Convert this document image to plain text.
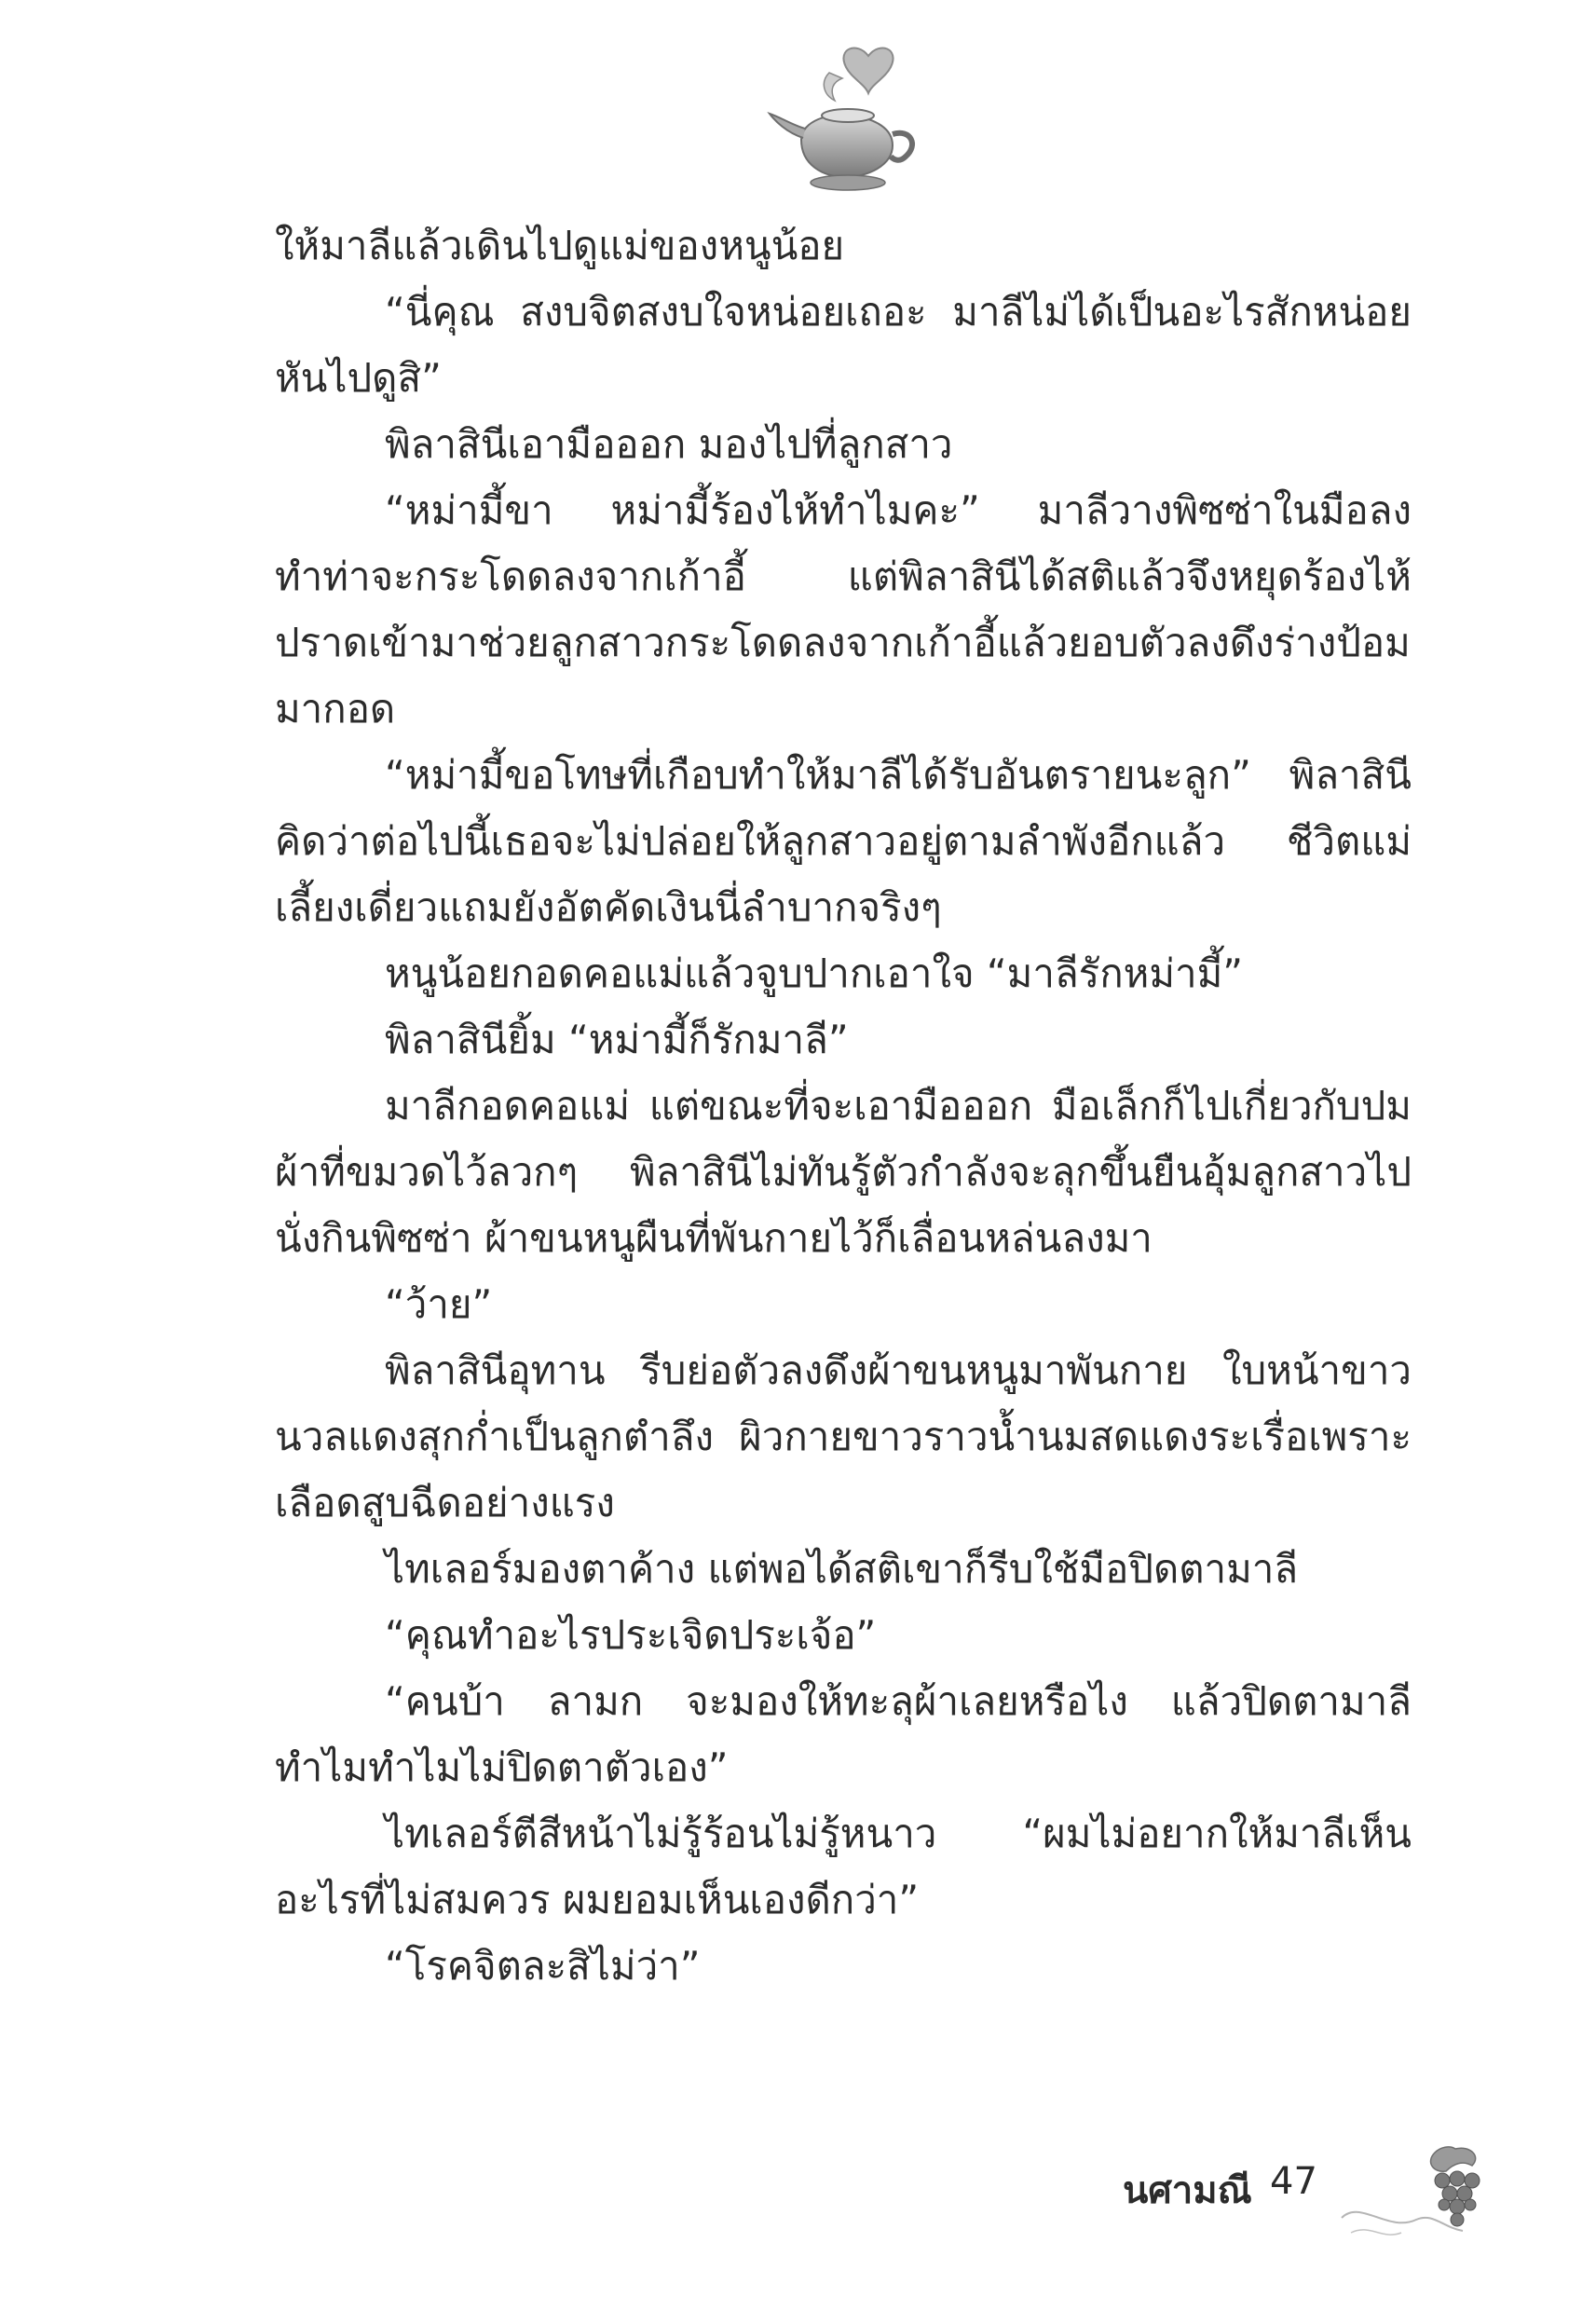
ให้มาลีแล้วเดินไปดูแม่ของหนูน้อย

“นี่คุณ สงบจิตสงบใจหน่อยเถอะ มาลีไม่ได้เป็นอะไรสักหน่อย หันไปดูสิ”

พิลาสินีเอามือออก มองไปที่ลูกสาว

“หม่ามี้ขา หม่ามี้ร้องไห้ทำไมคะ” มาลีวางพิซซ่าในมือลง ทำท่าจะกระโดดลงจากเก้าอี้ แต่พิลาสินีได้สติแล้วจึงหยุดร้องไห้ ปราดเข้ามาช่วยลูกสาวกระโดดลงจากเก้าอี้แล้วยอบตัวลงดึงร่างป้อมมากอด

“หม่ามี้ขอโทษที่เกือบทำให้มาลีได้รับอันตรายนะลูก” พิลาสินีคิดว่าต่อไปนี้เธอจะไม่ปล่อยให้ลูกสาวอยู่ตามลำพังอีกแล้ว ชีวิตแม่เลี้ยงเดี่ยวแถมยังอัตคัดเงินนี่ลำบากจริงๆ

หนูน้อยกอดคอแม่แล้วจูบปากเอาใจ “มาลีรักหม่ามี้”

พิลาสินียิ้ม “หม่ามี้ก็รักมาลี”

มาลีกอดคอแม่ แต่ขณะที่จะเอามือออก มือเล็กก็ไปเกี่ยวกับปมผ้าที่ขมวดไว้ลวกๆ พิลาสินีไม่ทันรู้ตัวกำลังจะลุกขึ้นยืนอุ้มลูกสาวไปนั่งกินพิซซ่า ผ้าขนหนูผืนที่พันกายไว้ก็เลื่อนหล่นลงมา

“ว้าย”

พิลาสินีอุทาน รีบย่อตัวลงดึงผ้าขนหนูมาพันกาย ใบหน้าขาวนวลแดงสุกก่ำเป็นลูกตำลึง ผิวกายขาวราวน้ำนมสดแดงระเรื่อเพราะเลือดสูบฉีดอย่างแรง

ไทเลอร์มองตาค้าง แต่พอได้สติเขาก็รีบใช้มือปิดตามาลี

“คุณทำอะไรประเจิดประเจ้อ”

“คนบ้า ลามก จะมองให้ทะลุผ้าเลยหรือไง แล้วปิดตามาลีทำไมทำไมไม่ปิดตาตัวเอง”

ไทเลอร์ตีสีหน้าไม่รู้ร้อนไม่รู้หนาว “ผมไม่อยากให้มาลีเห็นอะไรที่ไม่สมควร ผมยอมเห็นเองดีกว่า”

“โรคจิตละสิไม่ว่า”

นศามณี 47
